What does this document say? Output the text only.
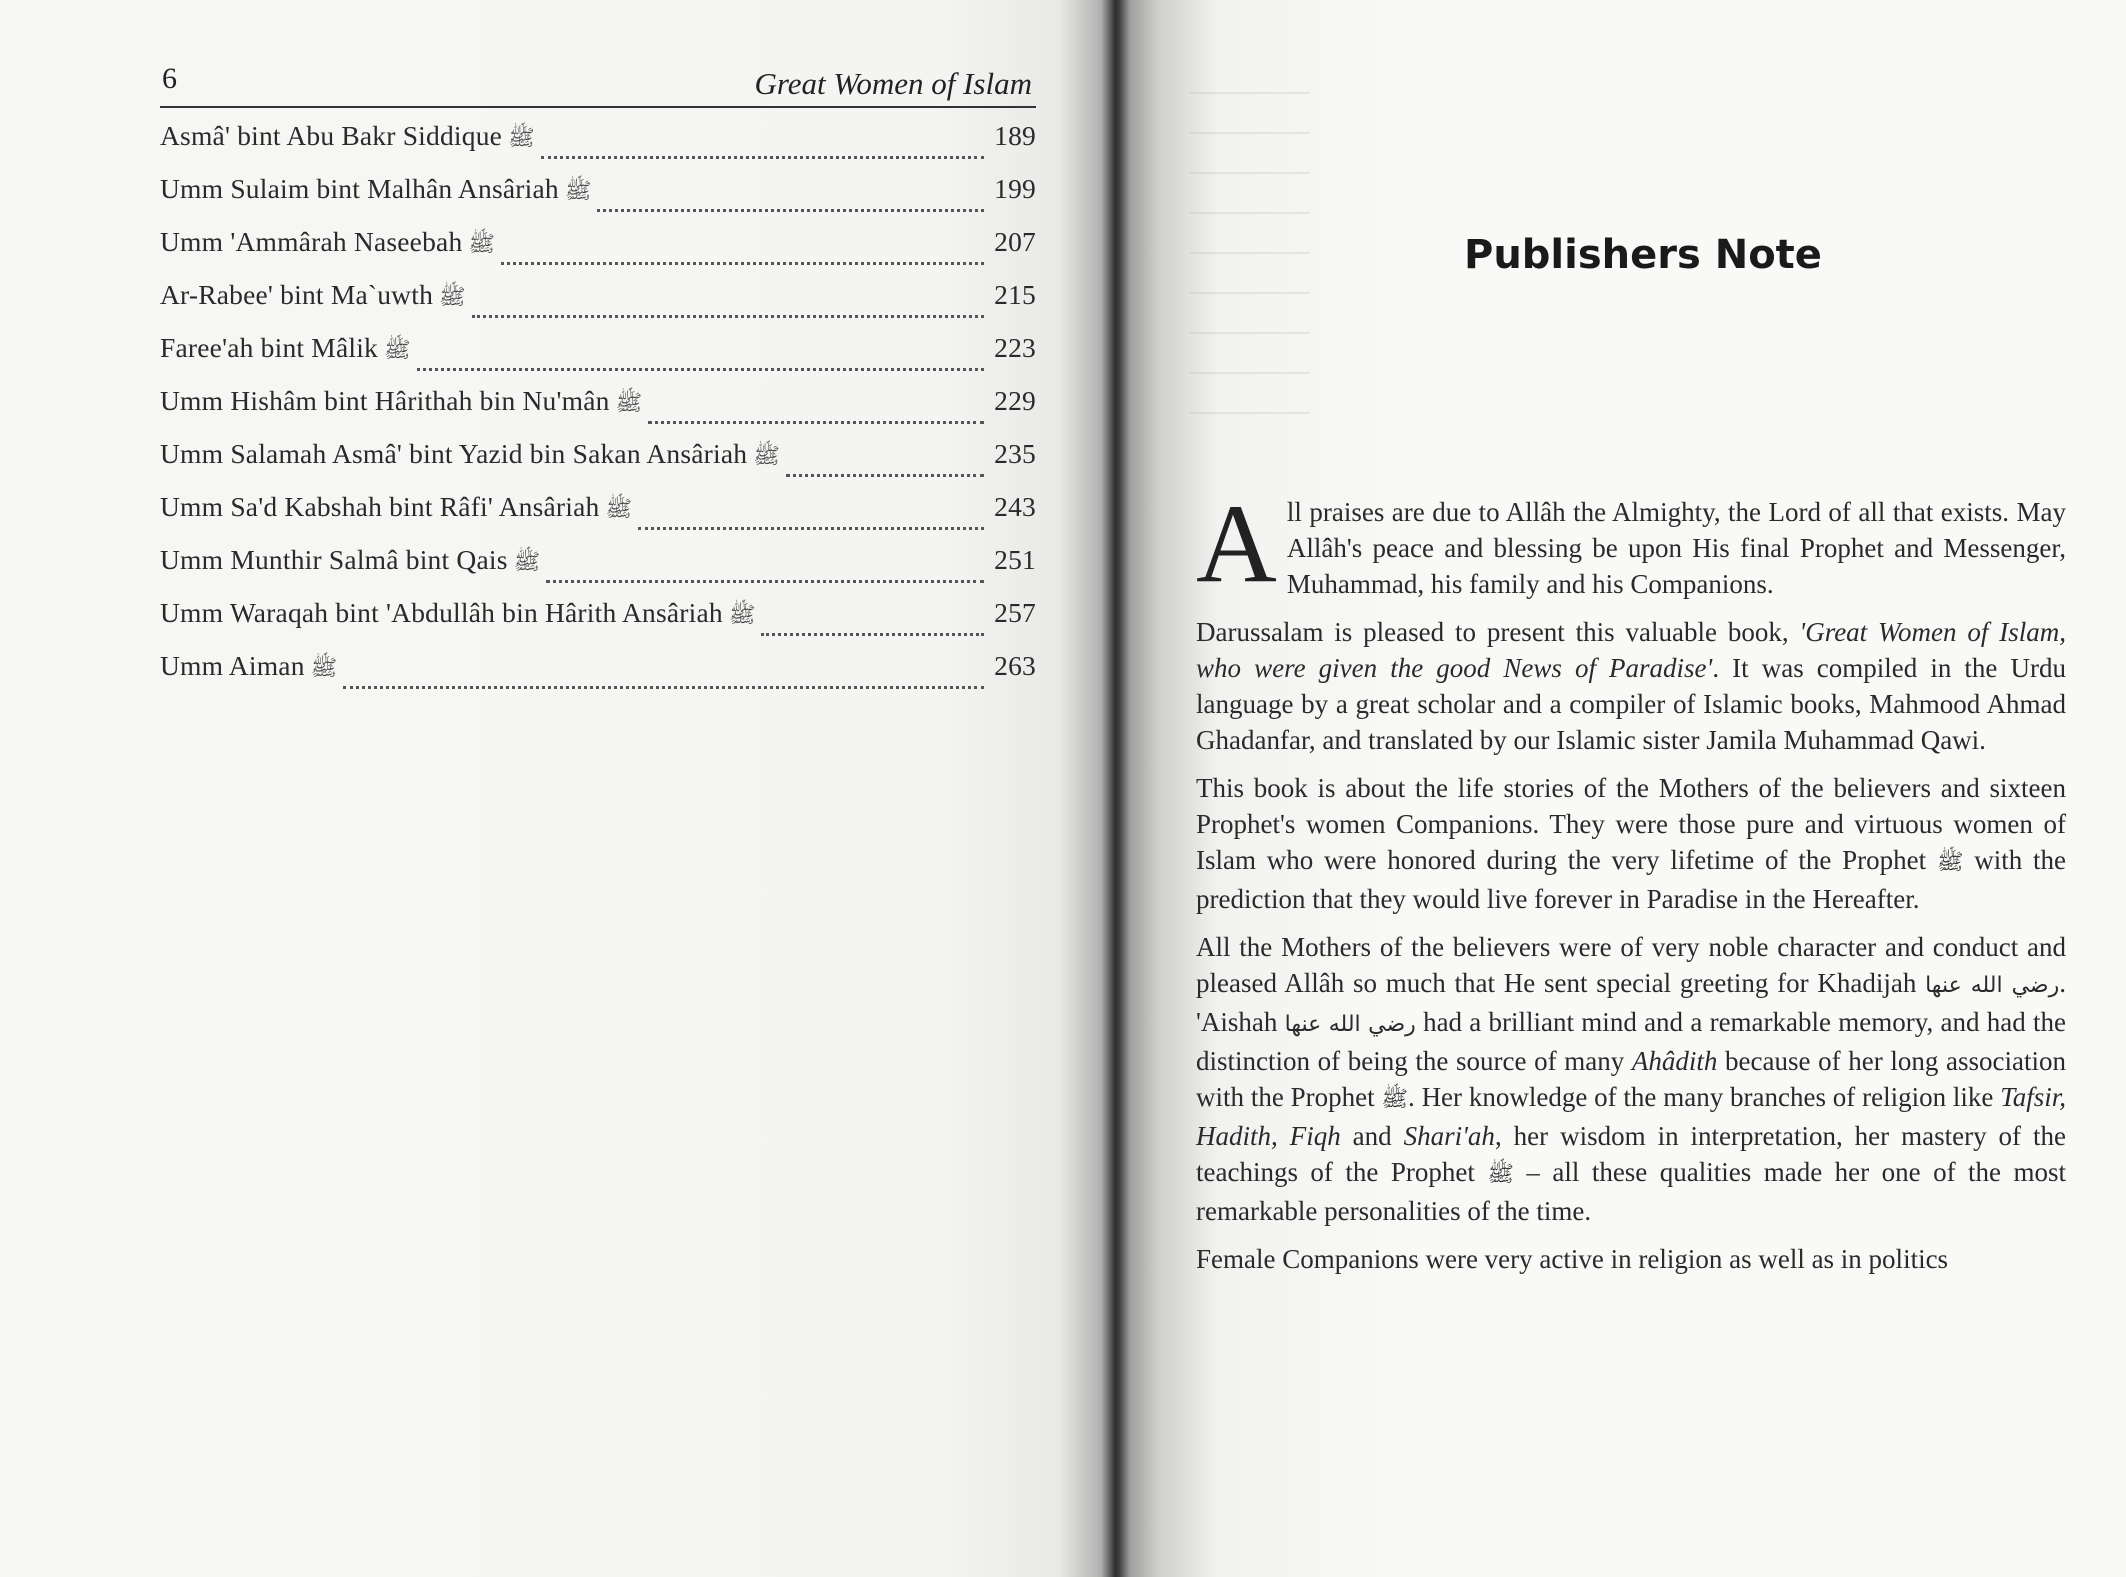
6	Great Women of Islam
Asmâ' bint Abu Bakr Siddique ﷺ	189
Umm Sulaim bint Malhân Ansâriah ﷺ	199
Umm 'Ammârah Naseebah ﷺ	207
Ar-Rabee' bint Ma`uwth ﷺ	215
Faree'ah bint Mâlik ﷺ	223
Umm Hishâm bint Hârithah bin Nu'mân ﷺ	229
Umm Salamah Asmâ' bint Yazid bin Sakan Ansâriah ﷺ	235
Umm Sa'd Kabshah bint Râfi' Ansâriah ﷺ	243
Umm Munthir Salmâ bint Qais ﷺ	251
Umm Waraqah bint 'Abdullâh bin Hârith Ansâriah ﷺ	257
Umm Aiman ﷺ	263
Publishers Note

All praises are due to Allâh the Almighty, the Lord of all that exists. May Allâh's peace and blessing be upon His final Prophet and Messenger, Muhammad, his family and his Companions.

Darussalam is pleased to present this valuable book, 'Great Women of Islam, who were given the good News of Paradise'. It was compiled in the Urdu language by a great scholar and a compiler of Islamic books, Mahmood Ahmad Ghadanfar, and translated by our Islamic sister Jamila Muhammad Qawi.

This book is about the life stories of the Mothers of the believers and sixteen Prophet's women Companions. They were those pure and virtuous women of Islam who were honored during the very lifetime of the Prophet ﷺ with the prediction that they would live forever in Paradise in the Hereafter.

All the Mothers of the believers were of very noble character and conduct and pleased Allâh so much that He sent special greeting for Khadijah رضي الله عنها. 'Aishah رضي الله عنها had a brilliant mind and a remarkable memory, and had the distinction of being the source of many Ahâdith because of her long association with the Prophet ﷺ. Her knowledge of the many branches of religion like Tafsir, Hadith, Fiqh and Shari'ah, her wisdom in interpretation, her mastery of the teachings of the Prophet ﷺ – all these qualities made her one of the most remarkable personalities of the time.

Female Companions were very active in religion as well as in politics
